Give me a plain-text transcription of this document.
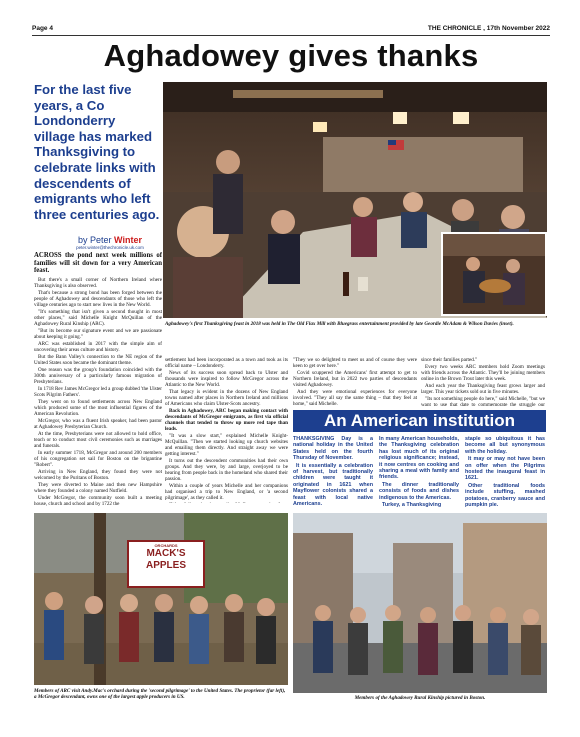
Page 4	THE CHRONICLE , 17th November 2022
Aghadowey gives thanks
For the last five years, a Co Londonderry village has marked Thanksgiving to celebrate links with descendents of emigrants who left three centuries ago.
by Peter Winter
peter.winter@thechronicle.uk.com
Aghadowey's first Thanksgiving feast in 2018 was held in The Old Flax Mill with Bluegrass entertainment provided by late Geordie McAdam & Wilson Davies (inset).

ACROSS the pond next week millions of families will sit down for a very American feast.

But there's a small corner of Northern Ireland where Thanksgiving is also observed.

That's because a strong bond has been forged between the people of Aghadowey and descendants of those who left the village centuries ago to start new lives in the New World.

"It's something that isn't given a second thought in most other places," said Michelle Knight McQuillan of the Aghadowey Rural Kinship (ARC).

"But its become our signature event and we are passionate about keeping it going."

ARC was established in 2017 with the simple aim of uncovering their areas culture and history.

But the Bann Valley's connection to the NE region of the United States soon became the dominant theme.

One reason was the group's foundation coincided with the 300th anniversary of a particularly famous migration of Presbyterians.

In 1718 Rev James McGregor led a group dubbed 'the Ulster Scots Pilgrim Fathers'.

They went on to found settlements across New England which produced some of the most influential figures of the American Revolution.

McGregor, who was a fluent Irish speaker, had been pastor at Aghadowey Presbyterian Church.

At the time, Presbyterians were not allowed to hold office, teach or to conduct most civil ceremonies such as marriages and funerals.

In early summer 1718, McGregor and around 200 members of his congregation set sail for Boston on the brigantine "Robert".

Arriving in New England, they found they were not welcomed by the Puritans of Boston.

They were diverted to Maine and then new Hampshire where they founded a colony named Nutfield.

Under McGregor, the community soon built a meeting house, church and school and by 1722 the

settlement had been incorporated as a town and took as its official name – Londonderry.

News of its success soon spread back to Ulster and thousands were inspired to follow McGregor across the Atlantic to the New World.

That legacy is evident in the dozens of New England towns named after places in Northern Ireland and millions of Americans who claim Ulster-Scots ancestry.

Back in Aghadowey, ARC began making contact with descendants of McGregor emigrants, as first via official channels that tended to throw up more red tape than leads.

"It was a slow start," explained Michelle Knight-McQuillan. "Then we started looking up church websites and emailing them directly. And straight away we were getting interest."

It turns out the descendent communities had their own groups. And they were, by and large, overjoyed to be hearing from people back in the homeland who shared their passion.

Within a couple of years Michelle and her companions had organised a trip to New England, or 'a second pilgrimage', as they called it.

"They we so delighted to meet us and of course they were keen to get over here."

Covid scuppered the Americans' first attempt to get to Northern Ireland, but in 2022 two parties of descendants visited Aghadowey.

And they were emotional experiences for everyone involved. "They all say the same thing – that they feel at home," said Michelle.

since their families parted."

Every two weeks ARC members hold Zoom meetings with friends across the Atlantic. They'll be joining members online in the Brown Trout later this week.

And each year the Thanksgiving feast grows larger and larger. This year tickets sold out in five minutes.

"Its not something people do here," said Michelle, "but we want to use that date to commemorate the struggle our

An American institution

THANKSGIVING Day is a national holiday in the United States held on the fourth Thursday of November.

It is essentially a celebration of harvest, but traditionally children were taught it originated in 1621 when Mayflower colonists shared a feast with local native Americans.

In many American households, the Thanksgiving celebration has lost much of its original religious significance; instead, it now centres on cooking and sharing a meal with family and friends.

The dinner traditionally consists of foods and dishes indigenous to the Americas.

Turkey, a Thanksgiving

staple so ubiquitous it has become all but synonymous with the holiday.

It may or may not have been on offer when the Pilgrims hosted the inaugural feast in 1621.

Other traditional foods include stuffing, mashed potatoes, cranberry sauce and pumpkin pie.

ORCHARDS
MACK'S APPLES
Members of ARC visit Andy.Mac's orchard during the 'second pilgrimage' to the United States. The proprietor (far left), a McGregor descendant, owns one of the largest apple producers in US.	Members of the Aghadowey Rural Kinship pictured in Boston.
